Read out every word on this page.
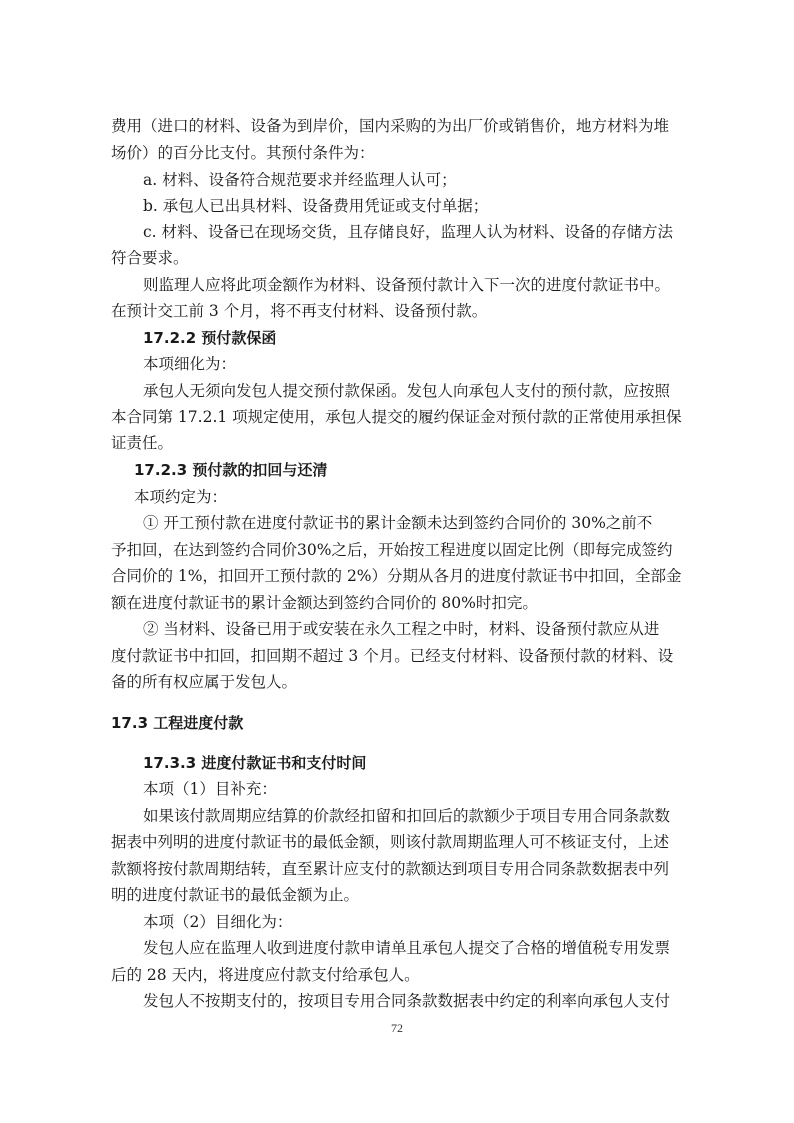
费用（进口的材料、设备为到岸价，国内采购的为出厂价或销售价，地方材料为堆
场价）的百分比支付。其预付条件为：
a. 材料、设备符合规范要求并经监理人认可；
b. 承包人已出具材料、设备费用凭证或支付单据；
c. 材料、设备已在现场交货，且存储良好，监理人认为材料、设备的存储方法
符合要求。
则监理人应将此项金额作为材料、设备预付款计入下一次的进度付款证书中。
在预计交工前 3 个月，将不再支付材料、设备预付款。
17.2.2 预付款保函
本项细化为：
承包人无须向发包人提交预付款保函。发包人向承包人支付的预付款，应按照
本合同第 17.2.1 项规定使用，承包人提交的履约保证金对预付款的正常使用承担保
证责任。
17.2.3 预付款的扣回与还清
本项约定为：
① 开工预付款在进度付款证书的累计金额未达到签约合同价的 30%之前不
予扣回，在达到签约合同价30%之后，开始按工程进度以固定比例（即每完成签约
合同价的 1%，扣回开工预付款的 2%）分期从各月的进度付款证书中扣回，全部金
额在进度付款证书的累计金额达到签约合同价的 80%时扣完。
② 当材料、设备已用于或安装在永久工程之中时，材料、设备预付款应从进
度付款证书中扣回，扣回期不超过 3 个月。已经支付材料、设备预付款的材料、设
备的所有权应属于发包人。
17.3 工程进度付款
17.3.3 进度付款证书和支付时间
本项（1）目补充：
如果该付款周期应结算的价款经扣留和扣回后的款额少于项目专用合同条款数
据表中列明的进度付款证书的最低金额，则该付款周期监理人可不核证支付，上述
款额将按付款周期结转，直至累计应支付的款额达到项目专用合同条款数据表中列
明的进度付款证书的最低金额为止。
本项（2）目细化为：
发包人应在监理人收到进度付款申请单且承包人提交了合格的增值税专用发票
后的 28 天内，将进度应付款支付给承包人。
发包人不按期支付的，按项目专用合同条款数据表中约定的利率向承包人支付
72
